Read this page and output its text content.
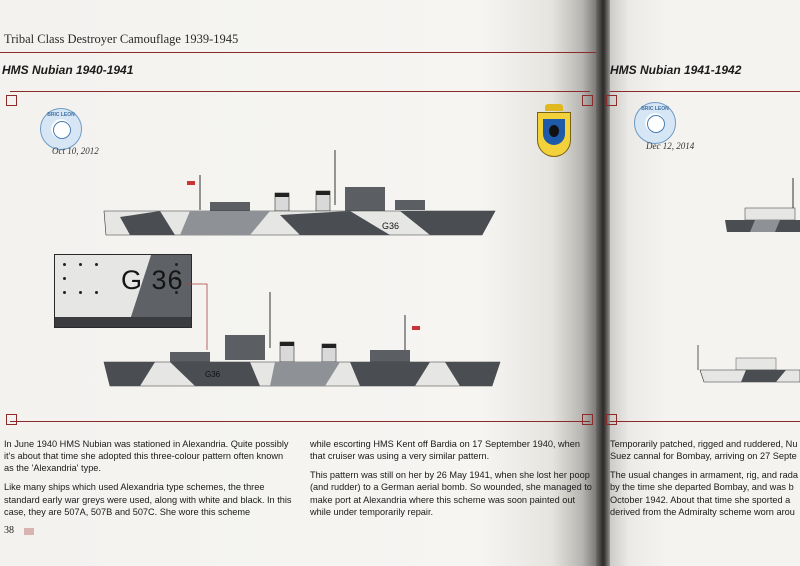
Tribal Class Destroyer Camouflage 1939-1945
HMS Nubian 1940-1941
BRIC LEON
Oct 10, 2012
G36
G 36
G36

In June 1940 HMS Nubian was stationed in Alexandria. Quite possibly it's about that time she adopted this three-colour pattern often known as the 'Alexandria' type.

Like many ships which used Alexandria type schemes, the three standard early war greys were used, along with white and black. In this case, they are 507A, 507B and 507C. She wore this scheme

while escorting HMS Kent off Bardia on 17 September 1940, when that cruiser was using a very similar pattern.

This pattern was still on her by 26 May 1941, when she lost her poop (and rudder) to a German aerial bomb. So wounded, she managed to make port at Alexandria where this scheme was soon painted out while under temporarily repair.

38
HMS Nubian 1941-1942
BRIC LEON
Dec 12, 2014

Temporarily patched, rigged and ruddered, Nu Suez cannal for Bombay, arriving on 27 Septe

The usual changes in armament, rig, and rada by the time she departed Bombay, and was b October 1942. About that time she sported a derived from the Admiralty scheme worn arou
